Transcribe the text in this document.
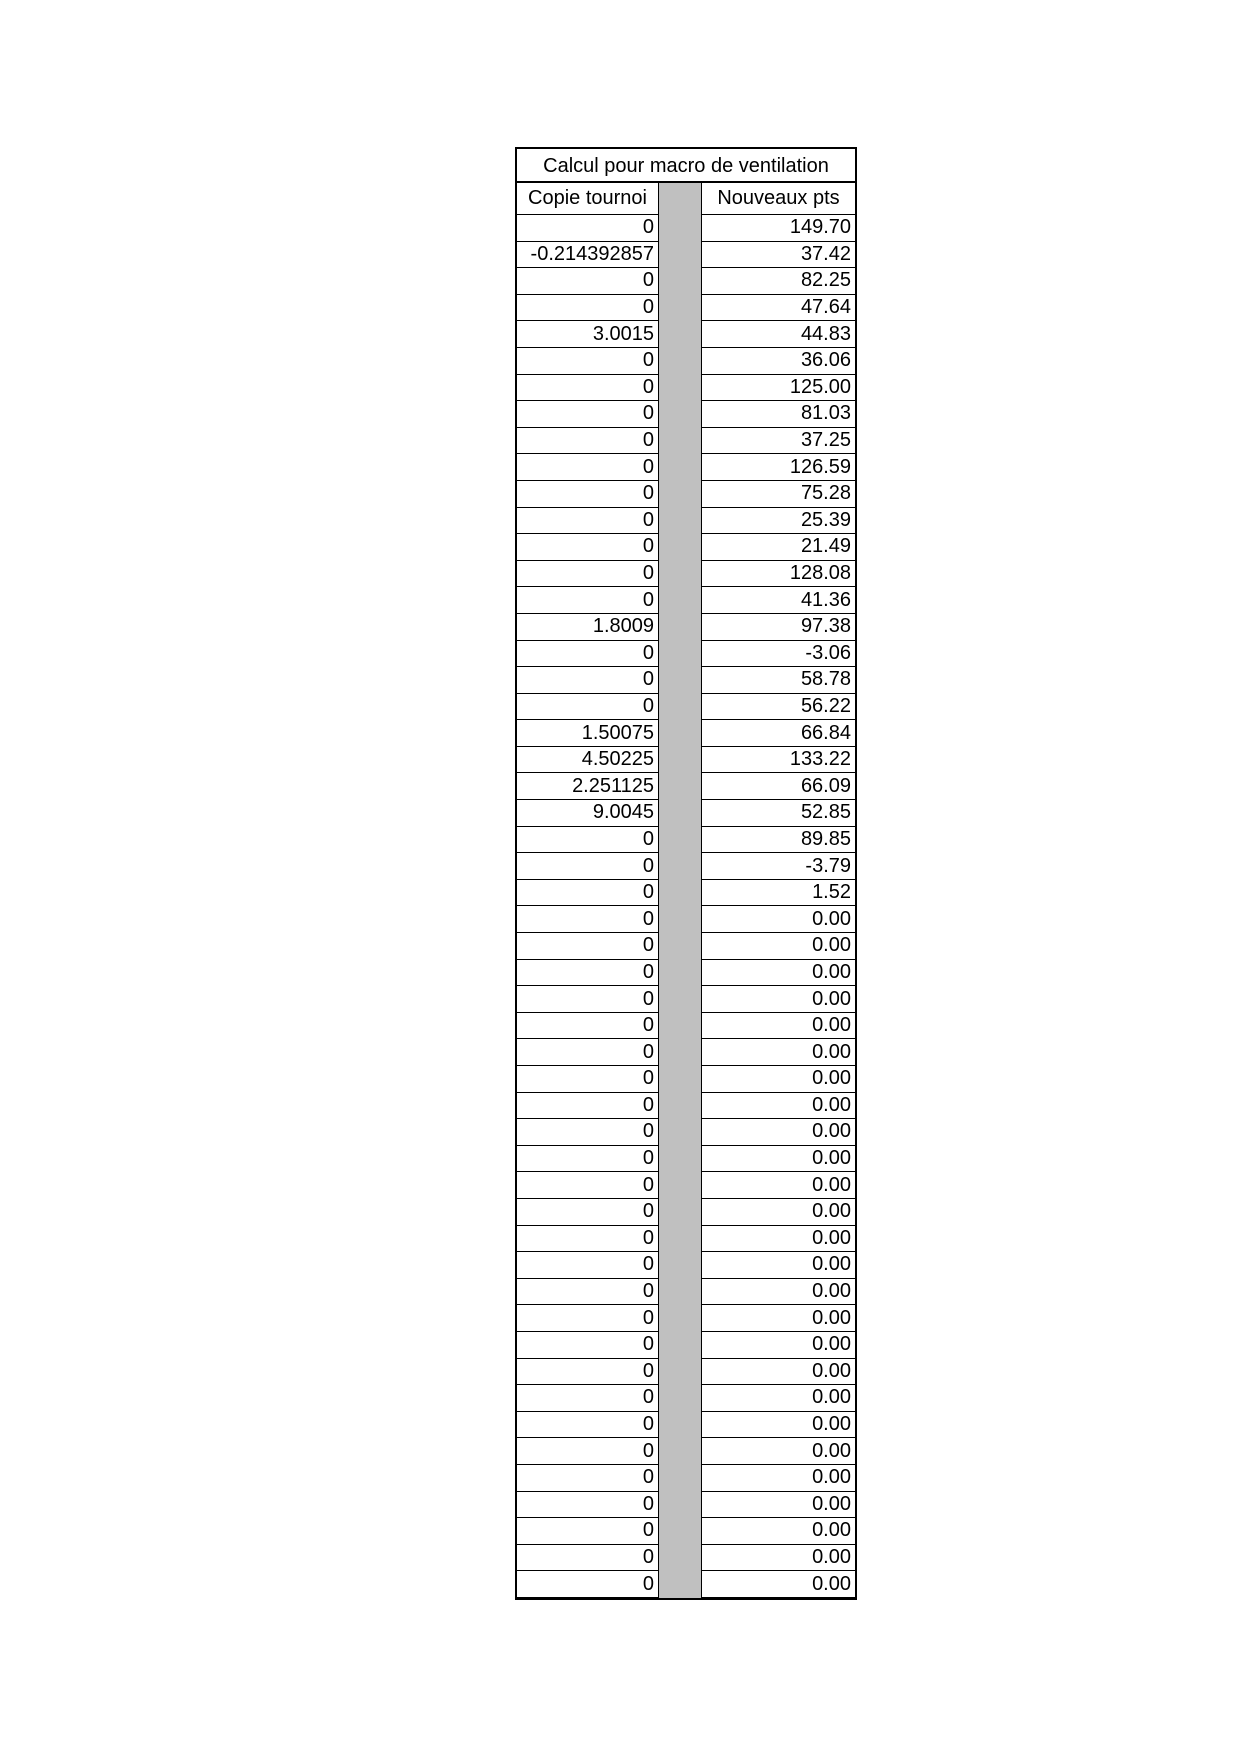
Calcul pour macro de ventilation
Copie tournoi	Nouveaux pts
0	149.70
-0.214392857	37.42
0	82.25
0	47.64
3.0015	44.83
0	36.06
0	125.00
0	81.03
0	37.25
0	126.59
0	75.28
0	25.39
0	21.49
0	128.08
0	41.36
1.8009	97.38
0	-3.06
0	58.78
0	56.22
1.50075	66.84
4.50225	133.22
2.251125	66.09
9.0045	52.85
0	89.85
0	-3.79
0	1.52
0	0.00
0	0.00
0	0.00
0	0.00
0	0.00
0	0.00
0	0.00
0	0.00
0	0.00
0	0.00
0	0.00
0	0.00
0	0.00
0	0.00
0	0.00
0	0.00
0	0.00
0	0.00
0	0.00
0	0.00
0	0.00
0	0.00
0	0.00
0	0.00
0	0.00
0	0.00
